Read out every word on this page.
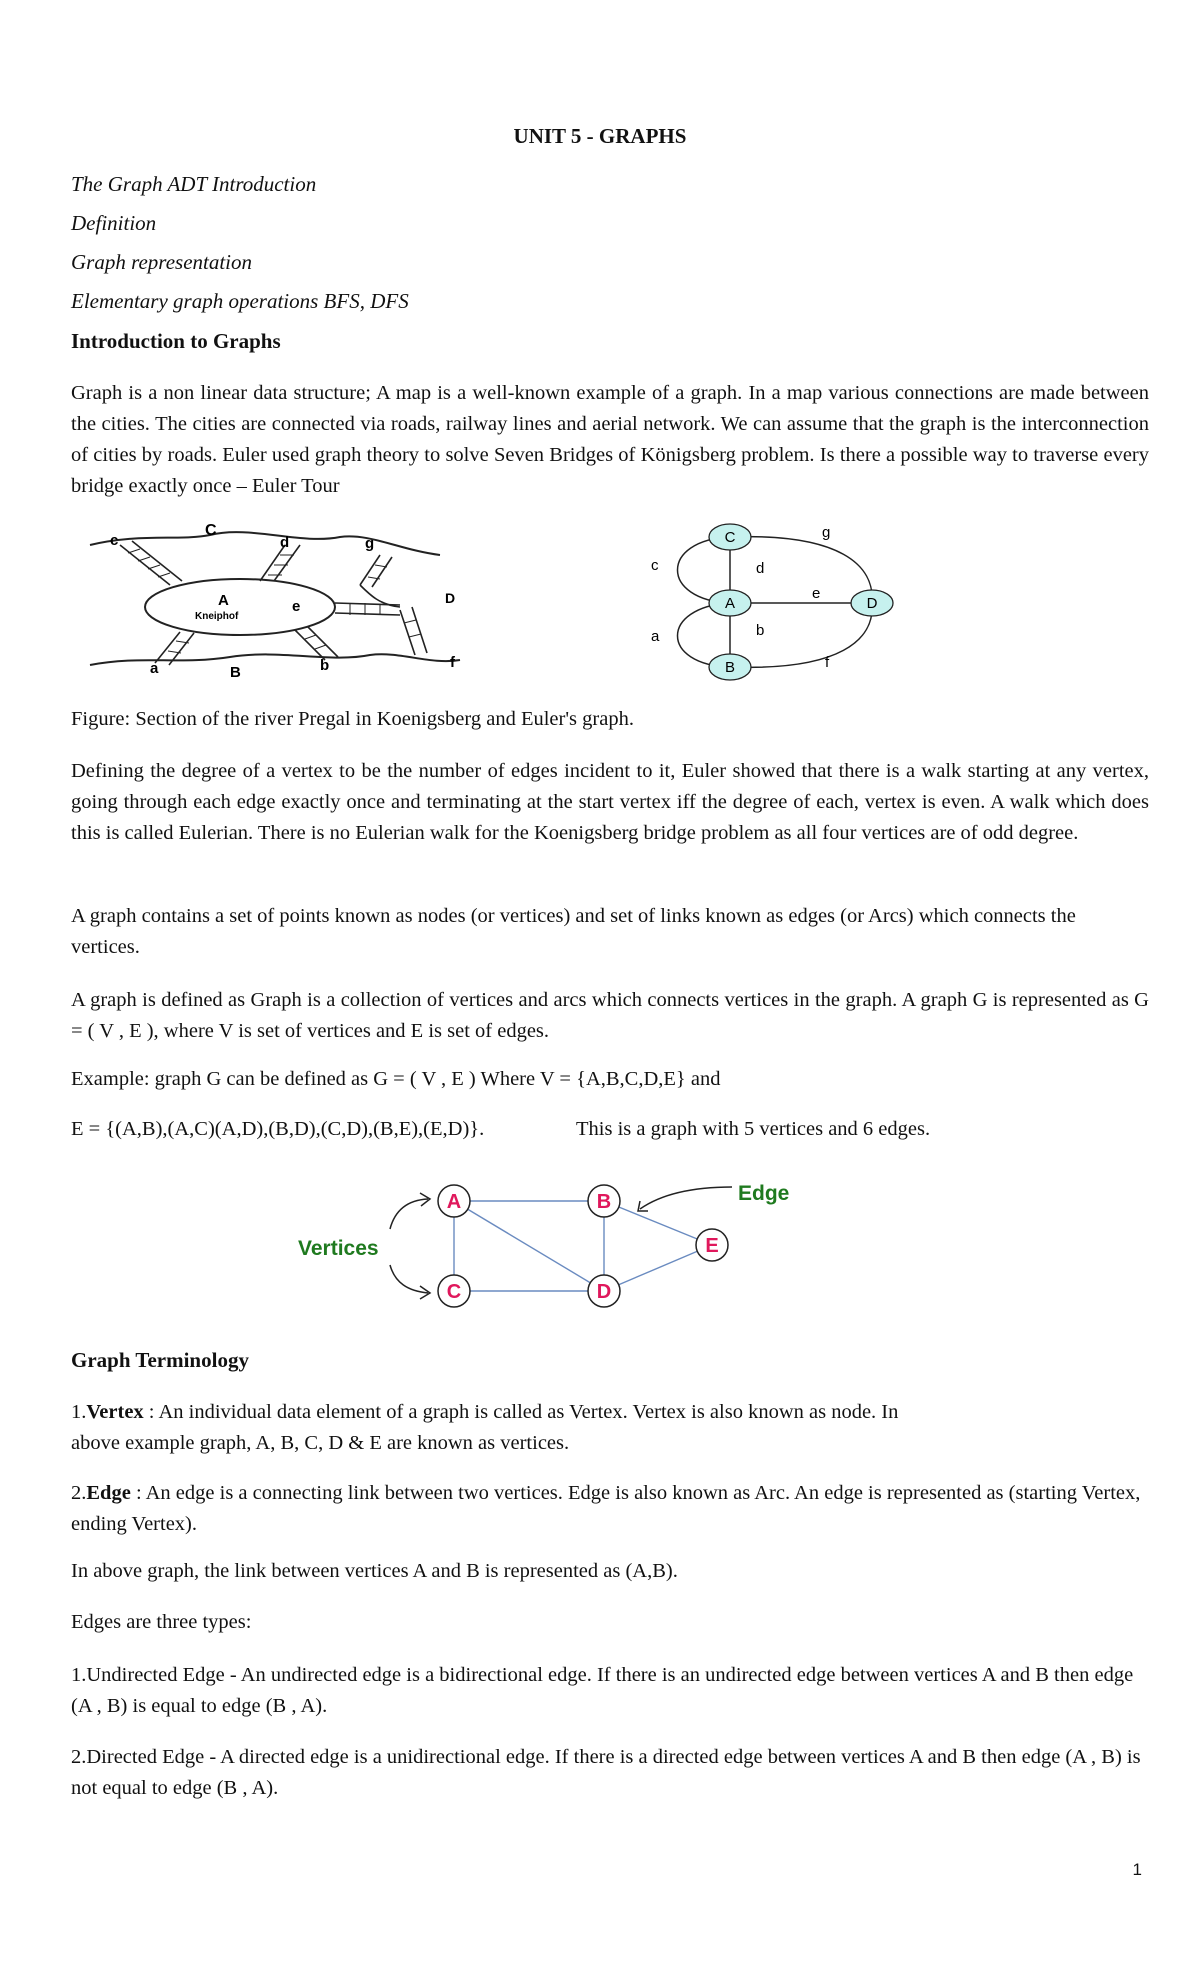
UNIT 5 - GRAPHS
The Graph ADT Introduction
Definition
Graph representation
Elementary graph operations BFS, DFS
Introduction to Graphs
Graph is a non linear data structure; A map is a well-known example of a graph. In a map various connections are made between the cities. The cities are connected via roads, railway lines and aerial network. We can assume that the graph is the interconnection of cities by roads. Euler used graph theory to solve Seven Bridges of Königsberg problem. Is there a possible way to traverse every bridge exactly once – Euler Tour
c
C
d	g
D
A
Kneiphof
e
a	B	b	f
C
A
B
D
c	d
g
e
a	b
f
Figure: Section of the river Pregal in Koenigsberg and Euler's graph.
Defining the degree of a vertex to be the number of edges incident to it, Euler showed that there is a walk starting at any vertex, going through each edge exactly once and terminating at the start vertex iff the degree of each, vertex is even. A walk which does this is called Eulerian. There is no Eulerian walk for the Koenigsberg bridge problem as all four vertices are of odd degree.
A graph contains a set of points known as nodes (or vertices) and set of links known as edges (or Arcs) which connects the vertices.
A graph is defined as Graph is a collection of vertices and arcs which connects vertices in the graph. A graph G is represented as G = ( V , E ), where V is set of vertices and E is set of edges.
Example: graph G can be defined as G = ( V , E ) Where V = {A,B,C,D,E} and
E = {(A,B),(A,C)(A,D),(B,D),(C,D),(B,E),(E,D)}.	This is a graph with 5 vertices and 6 edges.
A	B
C	D
E
Vertices
Edge
Graph Terminology
1.Vertex : An individual data element of a graph is called as Vertex. Vertex is also known as node. In
above example graph, A, B, C, D & E are known as vertices.
2.Edge : An edge is a connecting link between two vertices. Edge is also known as Arc. An edge is represented as (starting Vertex, ending Vertex).
In above graph, the link between vertices A and B is represented as (A,B).
Edges are three types:
1.Undirected Edge - An undirected edge is a bidirectional edge. If there is an undirected edge between vertices A and B then edge (A , B) is equal to edge (B , A).
2.Directed Edge - A directed edge is a unidirectional edge. If there is a directed edge between vertices A and B then edge (A , B) is not equal to edge (B , A).
1
